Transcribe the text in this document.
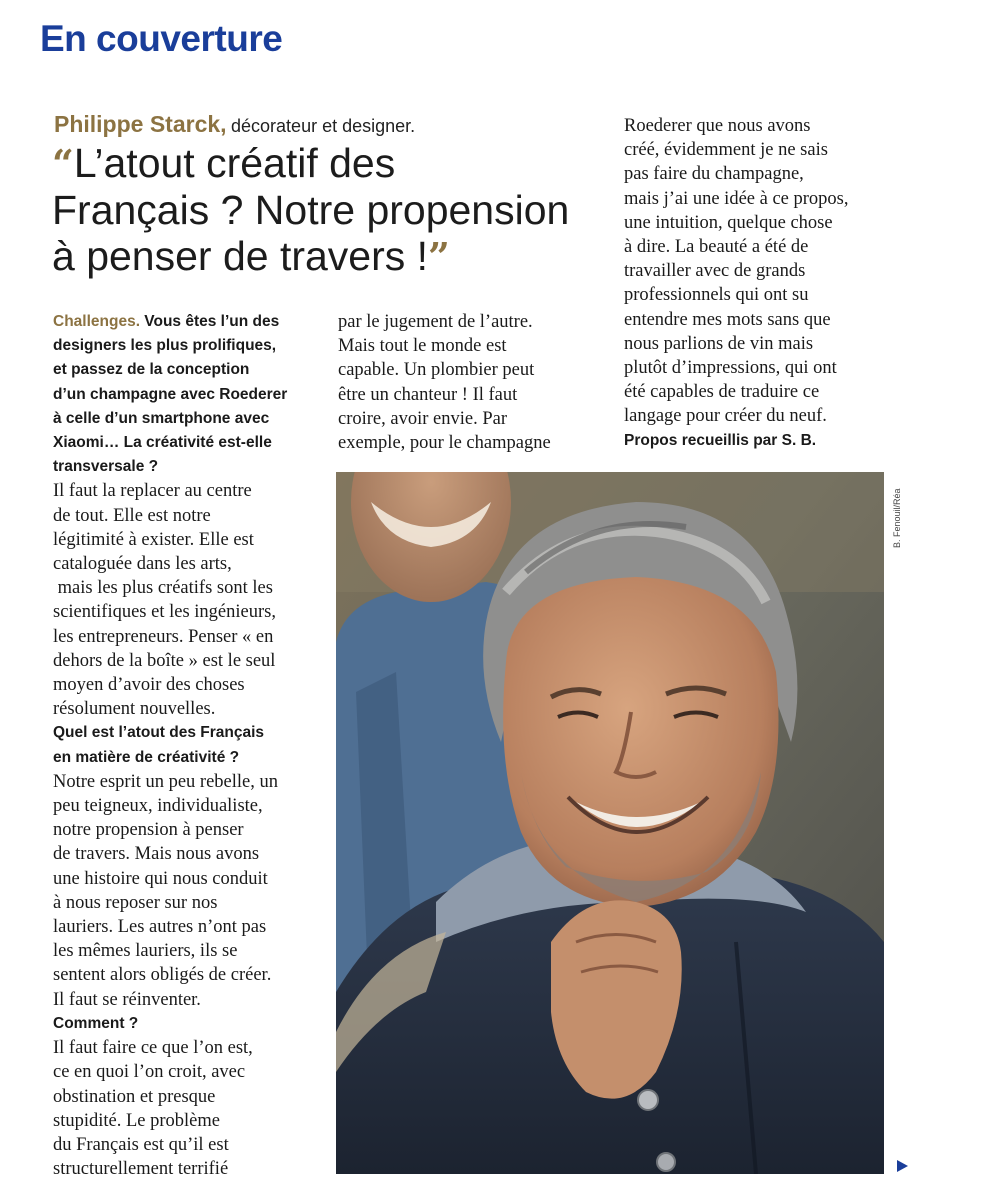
En couverture
Philippe Starck, décorateur et designer.
“L’atout créatif des
Français ? Notre propension
à penser de travers !”
Challenges. Vous êtes l’un des
designers les plus prolifiques,
et passez de la conception
d’un champagne avec Roederer
à celle d’un smartphone avec
Xiaomi… La créativité est-elle
transversale ?
Il faut la replacer au centre
de tout. Elle est notre
légitimité à exister. Elle est
cataloguée dans les arts,
mais les plus créatifs sont les
scientifiques et les ingénieurs,
les entrepreneurs. Penser « en
dehors de la boîte » est le seul
moyen d’avoir des choses
résolument nouvelles.
Quel est l’atout des Français
en matière de créativité ?
Notre esprit un peu rebelle, un
peu teigneux, individualiste,
notre propension à penser
de travers. Mais nous avons
une histoire qui nous conduit
à nous reposer sur nos
lauriers. Les autres n’ont pas
les mêmes lauriers, ils se
sentent alors obligés de créer.
Il faut se réinventer.
Comment ?
Il faut faire ce que l’on est,
ce en quoi l’on croit, avec
obstination et presque
stupidité. Le problème
du Français est qu’il est
structurellement terrifié
par le jugement de l’autre.
Mais tout le monde est
capable. Un plombier peut
être un chanteur ! Il faut
croire, avoir envie. Par
exemple, pour le champagne
Roederer que nous avons
créé, évidemment je ne sais
pas faire du champagne,
mais j’ai une idée à ce propos,
une intuition, quelque chose
à dire. La beauté a été de
travailler avec de grands
professionnels qui ont su
entendre mes mots sans que
nous parlions de vin mais
plutôt d’impressions, qui ont
été capables de traduire ce
langage pour créer du neuf.
Propos recueillis par S. B.
B. Fenouil/Réa
